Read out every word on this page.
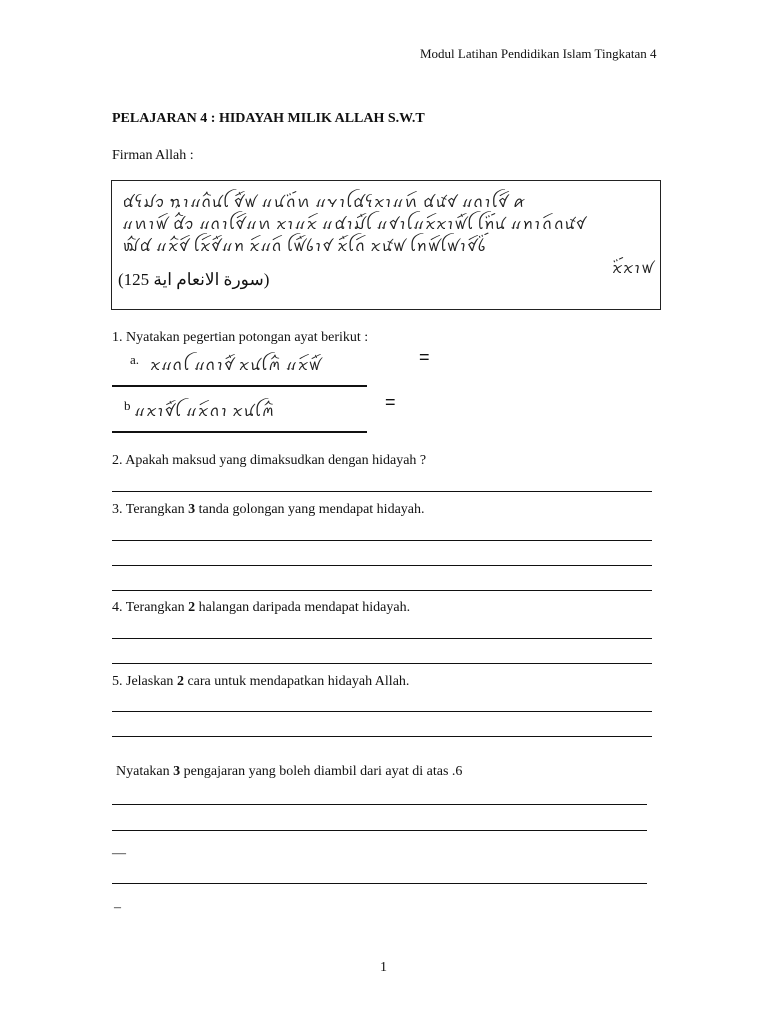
Modul Latihan Pendidikan Islam Tingkatan 4
PELAJARAN 4 : HIDAYAH MILIK ALLAH S.W.T
Firman Allah :
ꪠꪺꪣꪫ ꪧꪱꪵꪒꪲꪙꪶ ꪥꪸꪝ ꪵꪙꪒꪾꪕ ꪵꪩꪱꪶꪠꪺꪎꪱꪵꪕꪷ ꪠꪽꪥ ꪵꪒꪱꪶꪥꪷ ꪁ
ꪵꪕꪱꪝꪷ ꪠꪲꪫ ꪵꪒꪱꪶꪥꪷꪵꪕ ꪎꪱꪵꪎꪷ ꪵꪠꪱꪣꪸꪶ ꪵꪥꪱꪶꪵꪎꪷꪎꪱꪝꪸꪶ ꪶꪀꪾꪙ ꪵꪀꪱꪒꪷꪒꪽꪥ
ꪢꪲꪠ ꪵꪎꪲꪥꪷ ꪶꪎꪷꪥꪸꪵꪀ ꪎꪷꪵꪒꪷ ꪶꪝꪸꪉꪱꪥ ꪎꪸꪶꪒꪷ ꪎꪽꪝ ꪶꪀꪝꪷꪶꪝꪱꪥꪷꪉꪾ
ꪎꪾꪎꪱꪝ
(125 سورة الانعام اية)
1. Nyatakan pegertian potongan ayat berikut :
a. ꪎꪵꪒꪶ ꪵꪒꪱꪥꪸ ꪎꪙꪶꪔꪲ ꪵꪎꪷꪝꪸ	=
b ꪵꪎꪱꪥꪸꪶ ꪵꪎꪷꪒꪱ ꪎꪙꪶꪔꪲ	=
2. Apakah maksud yang dimaksudkan dengan hidayah ?
3. Terangkan 3 tanda golongan yang mendapat hidayah.
4. Terangkan 2 halangan daripada mendapat hidayah.
5. Jelaskan 2 cara untuk mendapatkan hidayah Allah.
Nyatakan 3 pengajaran yang boleh diambil dari ayat di atas .6
—
–
1
